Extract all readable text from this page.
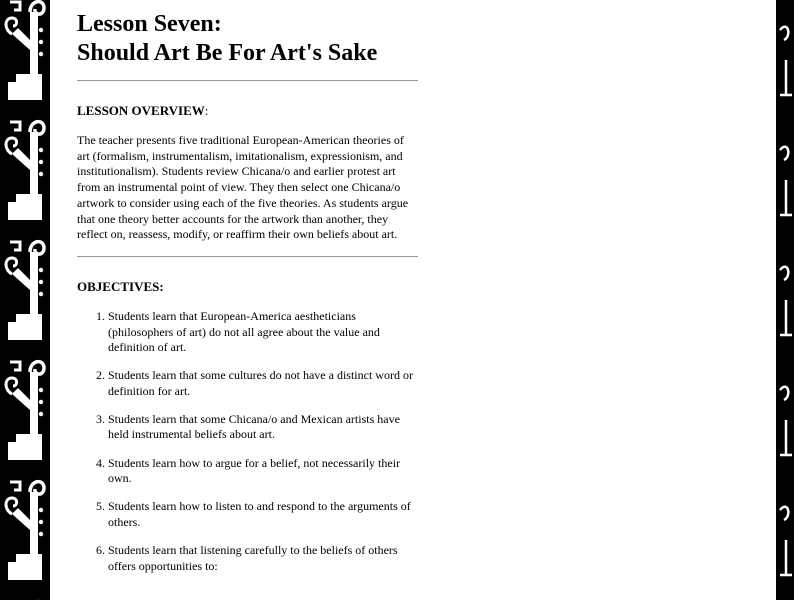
Lesson Seven:
Should Art Be For Art's Sake
LESSON OVERVIEW:

The teacher presents five traditional European-American theories of art (formalism, instrumentalism, imitationalism, expressionism, and institutionalism). Students review Chicana/o and earlier protest art from an instrumental point of view. They then select one Chicana/o artwork to consider using each of the five theories. As students argue that one theory better accounts for the artwork than another, they reflect on, reassess, modify, or reaffirm their own beliefs about art.

OBJECTIVES:
1. Students learn that European-America aestheticians (philosophers of art) do not all agree about the value and definition of art.
2. Students learn that some cultures do not have a distinct word or definition for art.
3. Students learn that some Chicana/o and Mexican artists have held instrumental beliefs about art.
4. Students learn how to argue for a belief, not necessarily their own.
5. Students learn how to listen to and respond to the arguments of others.
6. Students learn that listening carefully to the beliefs of others offers opportunities to:
